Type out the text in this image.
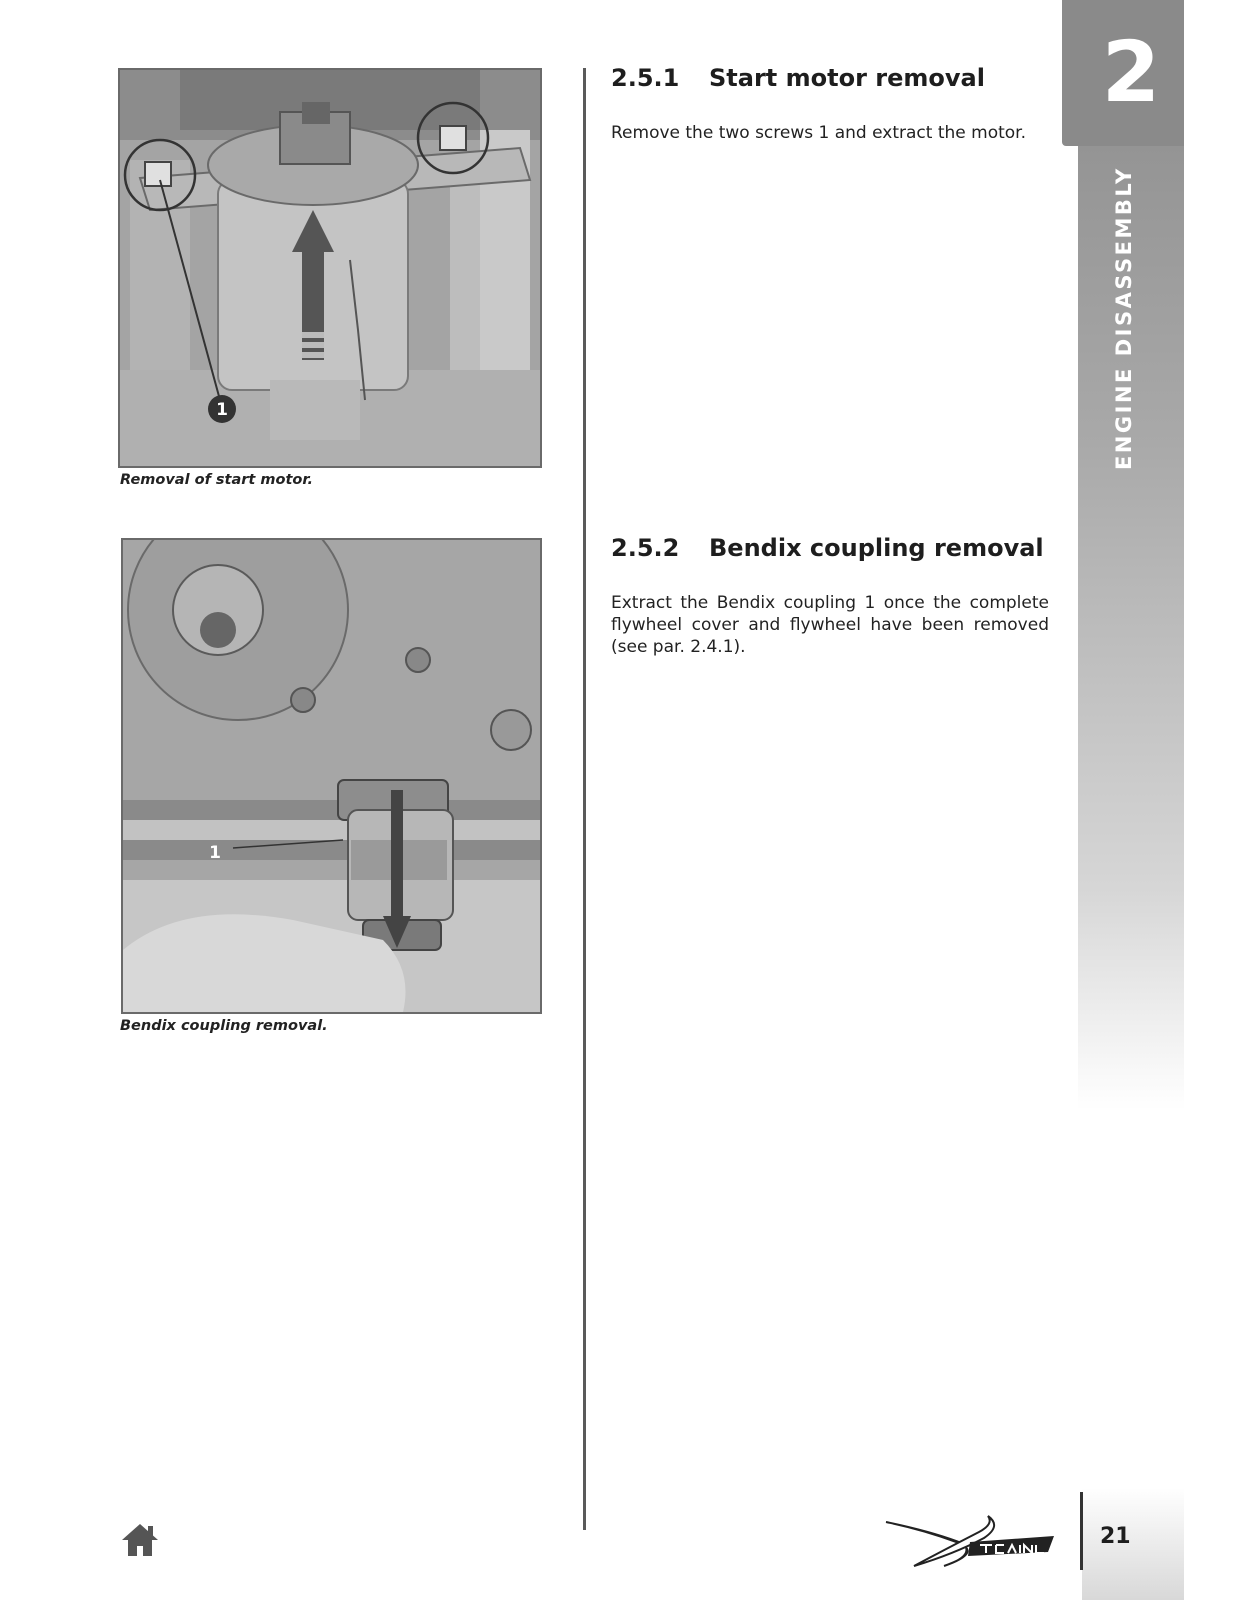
1

Removal of start motor.

1

Bendix coupling removal.

2.5.1 Start motor removal

Remove the two screws 1 and extract the motor.

2.5.2 Bendix coupling removal

Extract the Bendix coupling 1 once the complete flywheel cover and flywheel have been removed (see par. 2.4.1).

2
ENGINE DISASSEMBLY
21
